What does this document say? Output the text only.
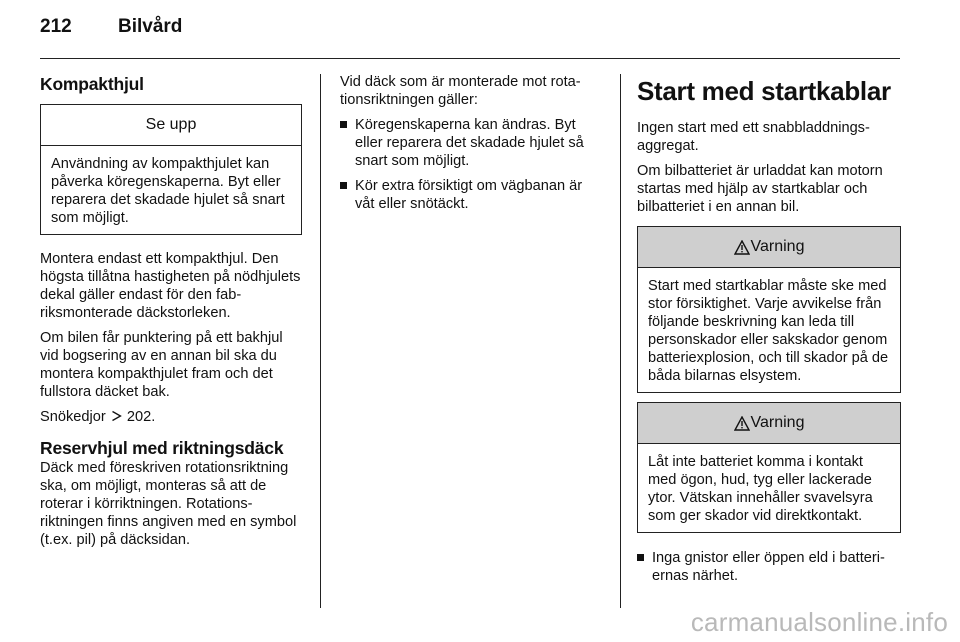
212 Bilvård
Kompakthjul
Se upp
Användning av kompakthjulet kan påverka köregenskaperna. Byt eller reparera det skadade hjulet så snart som möjligt.

Montera endast ett kompakthjul. Den högsta tillåtna hastigheten på nödhjulets dekal gäller endast för den fabriksmonterade däckstorleken.

Om bilen får punktering på ett bakhjul vid bogsering av en annan bil ska du montera kompakthjulet fram och det fullstora däcket bak.

Snökedjor 202.

Reservhjul med riktningsdäck

Däck med föreskriven rotationsriktning ska, om möjligt, monteras så att de roterar i körriktningen. Rotationsriktningen finns angiven med en symbol (t.ex. pil) på däcksidan.

Vid däck som är monterade mot rotationsriktningen gäller:

Köregenskaperna kan ändras. Byt eller reparera det skadade hjulet så snart som möjligt.
Kör extra försiktigt om vägbanan är våt eller snötäckt.
Start med startkablar

Ingen start med ett snabbladdningsaggregat.

Om bilbatteriet är urladdat kan motorn startas med hjälp av startkablar och bilbatteriet i en annan bil.

Varning
Start med startkablar måste ske med stor försiktighet. Varje avvikelse från följande beskrivning kan leda till personskador eller sakskador genom batteriexplosion, och till skador på de båda bilarnas elsystem.
Varning
Låt inte batteriet komma i kontakt med ögon, hud, tyg eller lackerade ytor. Vätskan innehåller svavelsyra som ger skador vid direktkontakt.
Inga gnistor eller öppen eld i batteriernas närhet.
carmanualsonline.info
